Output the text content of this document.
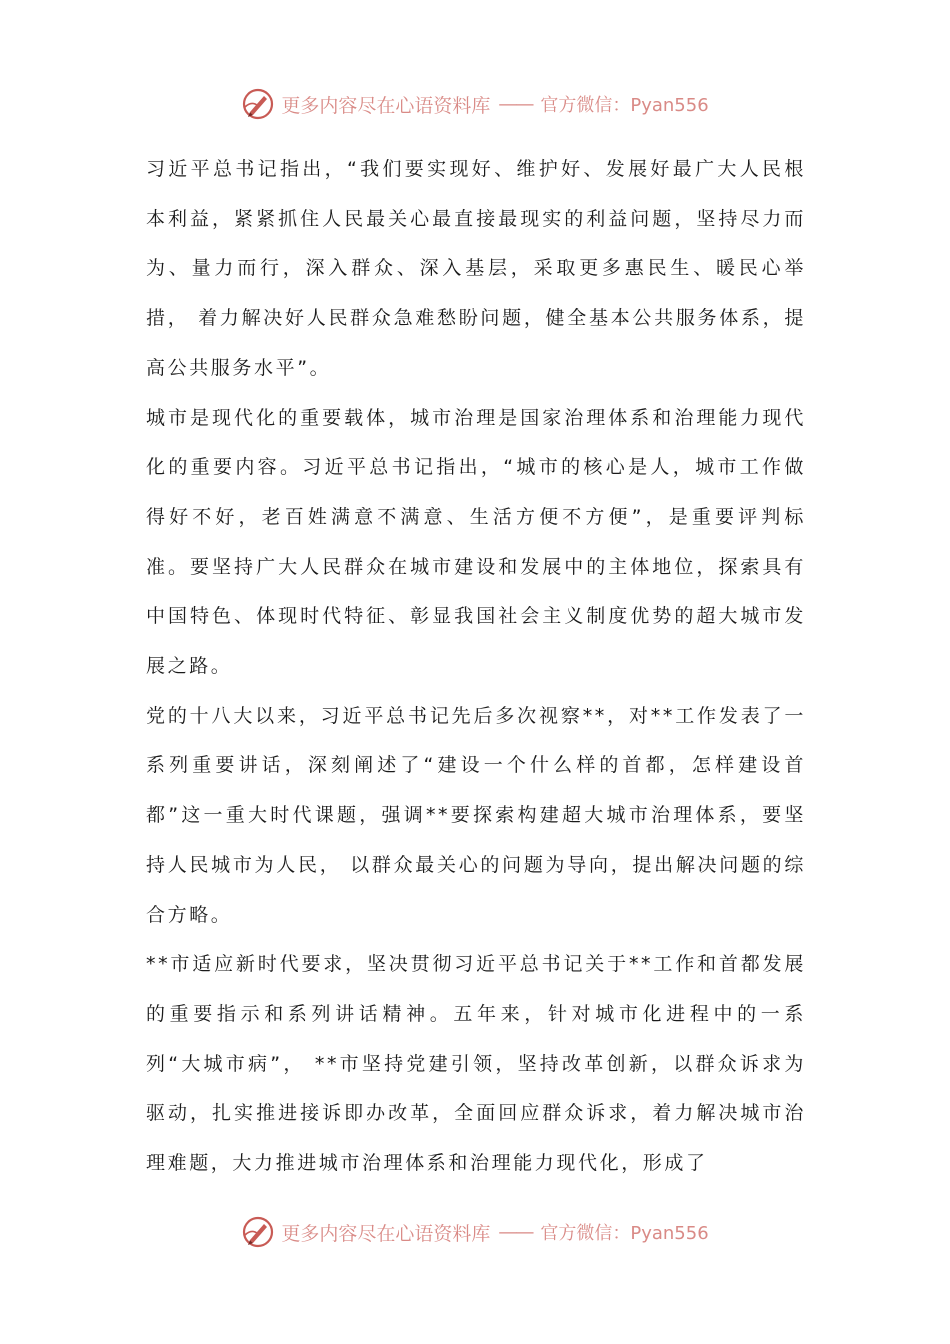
更多内容尽在心语资料库 —— 官方微信：Pyan556

习近平总书记指出，“我们要实现好、维护好、发展好最广大人民根本利益，紧紧抓住人民最关心最直接最现实的利益问题，坚持尽力而为、量力而行，深入群众、深入基层，采取更多惠民生、暖民心举措， 着力解决好人民群众急难愁盼问题，健全基本公共服务体系，提高公共服务水平”。

城市是现代化的重要载体，城市治理是国家治理体系和治理能力现代化的重要内容。习近平总书记指出，“城市的核心是人，城市工作做得好不好，老百姓满意不满意、生活方便不方便”，是重要评判标准。要坚持广大人民群众在城市建设和发展中的主体地位，探索具有中国特色、体现时代特征、彰显我国社会主义制度优势的超大城市发展之路。

党的十八大以来，习近平总书记先后多次视察**，对**工作发表了一系列重要讲话，深刻阐述了“建设一个什么样的首都，怎样建设首都”这一重大时代课题，强调**要探索构建超大城市治理体系，要坚持人民城市为人民， 以群众最关心的问题为导向，提出解决问题的综合方略。

**市适应新时代要求，坚决贯彻习近平总书记关于**工作和首都发展的重要指示和系列讲话精神。五年来，针对城市化进程中的一系列“大城市病”， **市坚持党建引领，坚持改革创新，以群众诉求为驱动，扎实推进接诉即办改革，全面回应群众诉求，着力解决城市治理难题，大力推进城市治理体系和治理能力现代化，形成了

更多内容尽在心语资料库 —— 官方微信：Pyan556
